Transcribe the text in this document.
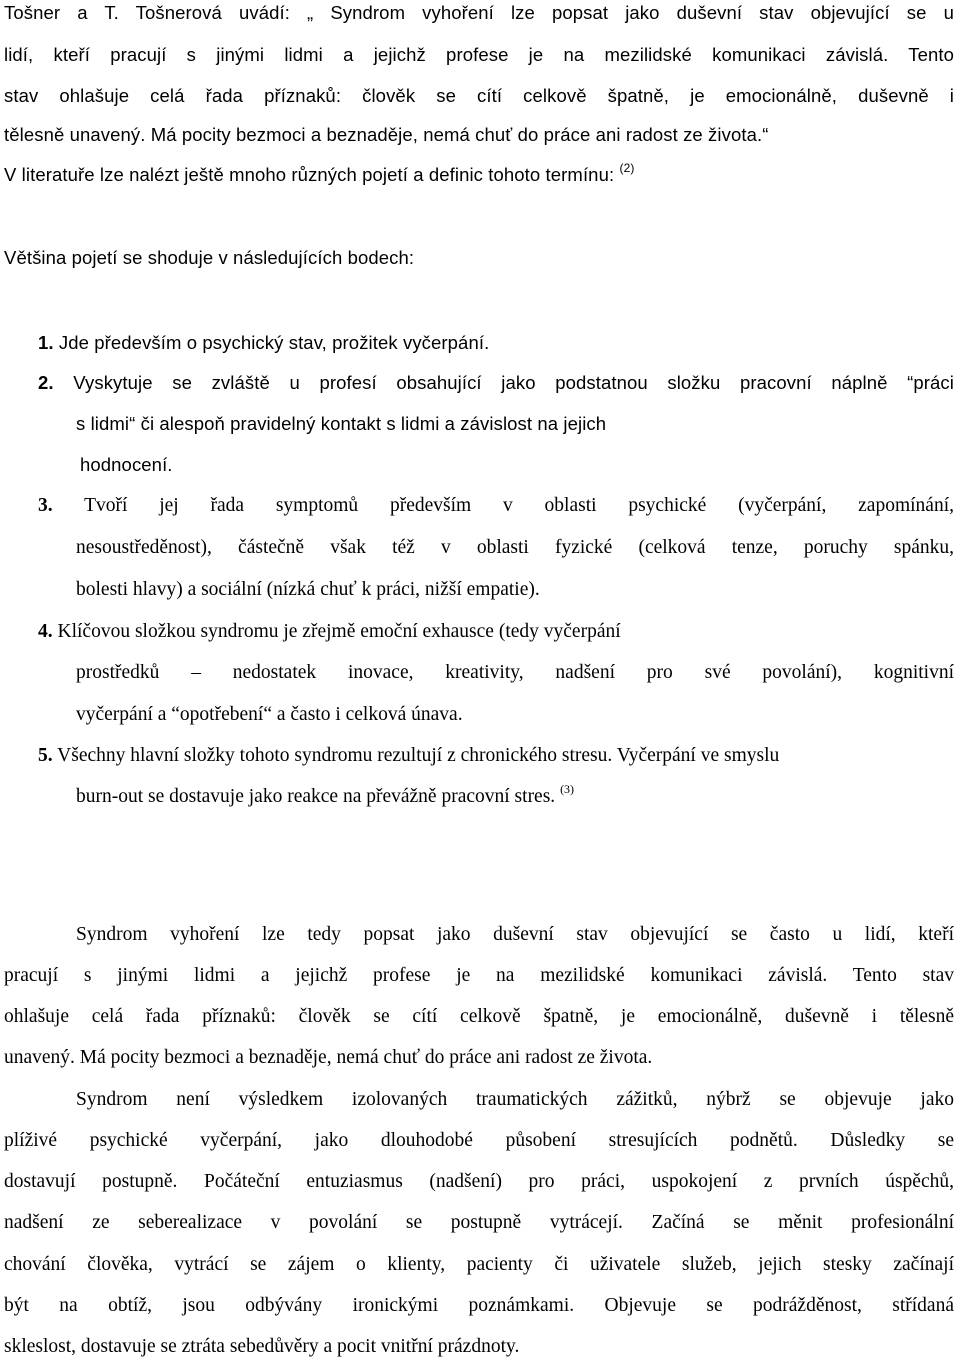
Tošner a T. Tošnerová uvádí: „ Syndrom vyhoření lze popsat jako duševní stav objevující se u
lidí, kteří pracují s jinými lidmi a jejichž profese je na mezilidské komunikaci závislá. Tento
stav ohlašuje celá řada příznaků: člověk se cítí celkově špatně, je emocionálně, duševně i
tělesně unavený. Má pocity bezmoci a beznaděje, nemá chuť do práce ani radost ze života.“
V literatuře lze nalézt ještě mnoho různých pojetí a definic tohoto termínu: $^{(2)}$
Většina pojetí se shoduje v následujících bodech:
1. Jde především o psychický stav, prožitek vyčerpání.
2. Vyskytuje se zvláště u profesí obsahující jako podstatnou složku pracovní náplně “práci
s lidmi“ či alespoň pravidelný kontakt s lidmi a závislost na jejich
hodnocení.
3. Tvoří jej řada symptomů především v oblasti psychické (vyčerpání, zapomínání,
nesoustředěnost), částečně však též v oblasti fyzické (celková tenze, poruchy spánku,
bolesti hlavy) a sociální (nízká chuť k práci, nižší empatie).
4. Klíčovou složkou syndromu je zřejmě emoční exhausce (tedy vyčerpání
prostředků – nedostatek inovace, kreativity, nadšení pro své povolání), kognitivní
vyčerpání a “opotřebení“ a často i celková únava.
5. Všechny hlavní složky tohoto syndromu rezultují z chronického stresu. Vyčerpání ve smyslu
burn-out se dostavuje jako reakce na převážně pracovní stres. $^{(3)}$
Syndrom vyhoření lze tedy popsat jako duševní stav objevující se často u lidí, kteří
pracují s jinými lidmi a jejichž profese je na mezilidské komunikaci závislá. Tento stav
ohlašuje celá řada příznaků: člověk se cítí celkově špatně, je emocionálně, duševně i tělesně
unavený. Má pocity bezmoci a beznaděje, nemá chuť do práce ani radost ze života.
Syndrom není výsledkem izolovaných traumatických zážitků, nýbrž se objevuje jako
plíživé psychické vyčerpání, jako dlouhodobé působení stresujících podnětů. Důsledky se
dostavují postupně. Počáteční entuziasmus (nadšení) pro práci, uspokojení z prvních úspěchů,
nadšení ze seberealizace v povolání se postupně vytrácejí. Začíná se měnit profesionální
chování člověka, vytrácí se zájem o klienty, pacienty či uživatele služeb, jejich stesky začínají
být na obtíž, jsou odbývány ironickými poznámkami. Objevuje se podrážděnost, střídaná
skleslost, dostavuje se ztráta sebedůvěry a pocit vnitřní prázdnoty.
